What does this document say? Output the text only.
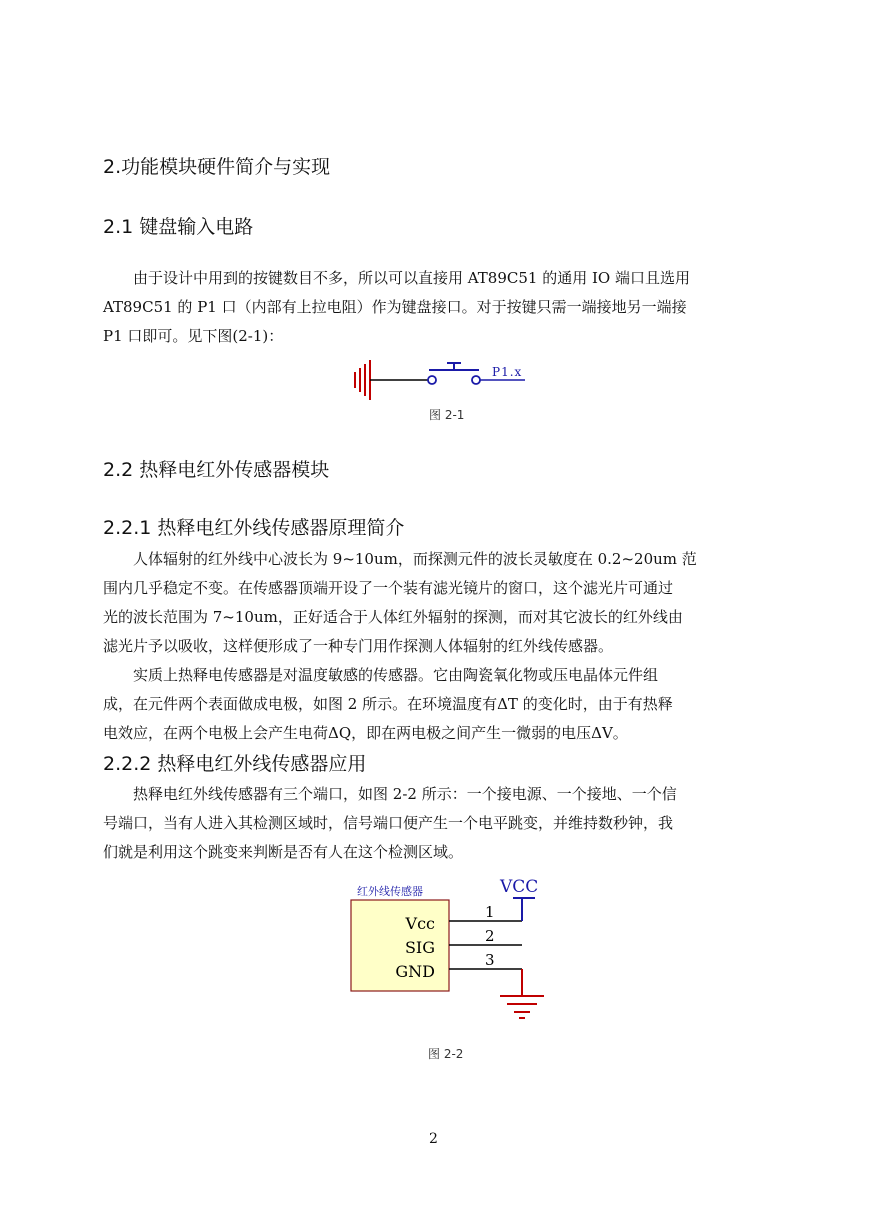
2.功能模块硬件简介与实现
2.1 键盘输入电路

由于设计中用到的按键数目不多，所以可以直接用 AT89C51 的通用 IO 端口且选用
AT89C51 的 P1 口（内部有上拉电阻）作为键盘接口。对于按键只需一端接地另一端接
P1 口即可。见下图(2-1)：

P1.x
图 2-1
2.2 热释电红外传感器模块
2.2.1 热释电红外线传感器原理简介

人体辐射的红外线中心波长为 9~10um，而探测元件的波长灵敏度在 0.2~20um 范
围内几乎稳定不变。在传感器顶端开设了一个装有滤光镜片的窗口，这个滤光片可通过
光的波长范围为 7~10um，正好适合于人体红外辐射的探测，而对其它波长的红外线由
滤光片予以吸收，这样便形成了一种专门用作探测人体辐射的红外线传感器。

实质上热释电传感器是对温度敏感的传感器。它由陶瓷氧化物或压电晶体元件组
成，在元件两个表面做成电极，如图 2 所示。在环境温度有ΔT 的变化时，由于有热释
电效应，在两个电极上会产生电荷ΔQ，即在两电极之间产生一微弱的电压ΔV。

2.2.2 热释电红外线传感器应用

热释电红外线传感器有三个端口，如图 2-2 所示：一个接电源、一个接地、一个信
号端口，当有人进入其检测区域时，信号端口便产生一个电平跳变，并维持数秒钟，我
们就是利用这个跳变来判断是否有人在这个检测区域。

红外线传感器
Vcc
SIG
GND
1
2
3
VCC
图 2-2
2
